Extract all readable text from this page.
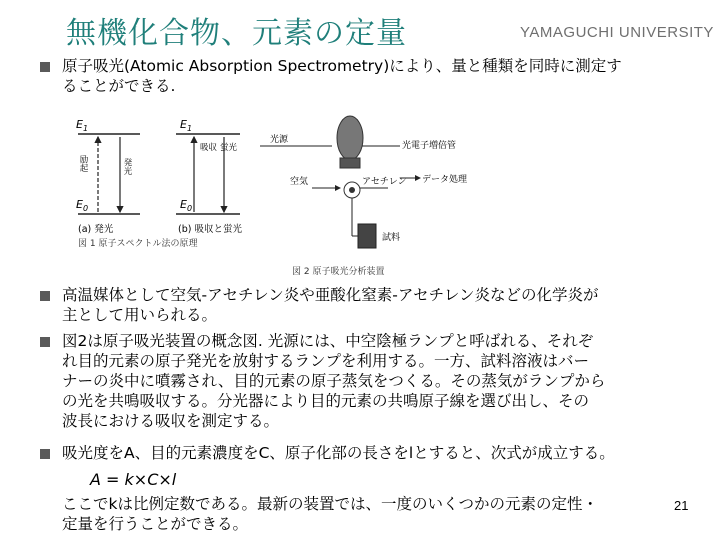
無機化合物、元素の定量	YAMAGUCHI UNIVERSITY
原子吸光(Atomic Absorption Spectrometry)により、量と種類を同時に測定す
ることができる.
$E_1$
$E_0$
励起	発光
$E_1$
$E_0$
吸収 蛍光
(a) 発光	(b) 吸収と蛍光
図 1 原子スペクトル法の原理
光源
光電子増倍管
空気	アセチレン データ処理
試料
図 2 原子吸光分析装置
高温媒体として空気-アセチレン炎や亜酸化窒素-アセチレン炎などの化学炎が
主として用いられる。
図2は原子吸光装置の概念図. 光源には、中空陰極ランプと呼ばれる、それぞ
れ目的元素の原子発光を放射するランプを利用する。一方、試料溶液はバー
ナーの炎中に噴霧され、目的元素の原子蒸気をつくる。その蒸気がランプから
の光を共鳴吸収する。分光器により目的元素の共鳴原子線を選び出し、その
波長における吸収を測定する。
吸光度をA、目的元素濃度をC、原子化部の長さをlとすると、次式が成立する。
A = k×C×l
ここでkは比例定数である。最新の装置では、一度のいくつかの元素の定性・
定量を行うことができる。
21
